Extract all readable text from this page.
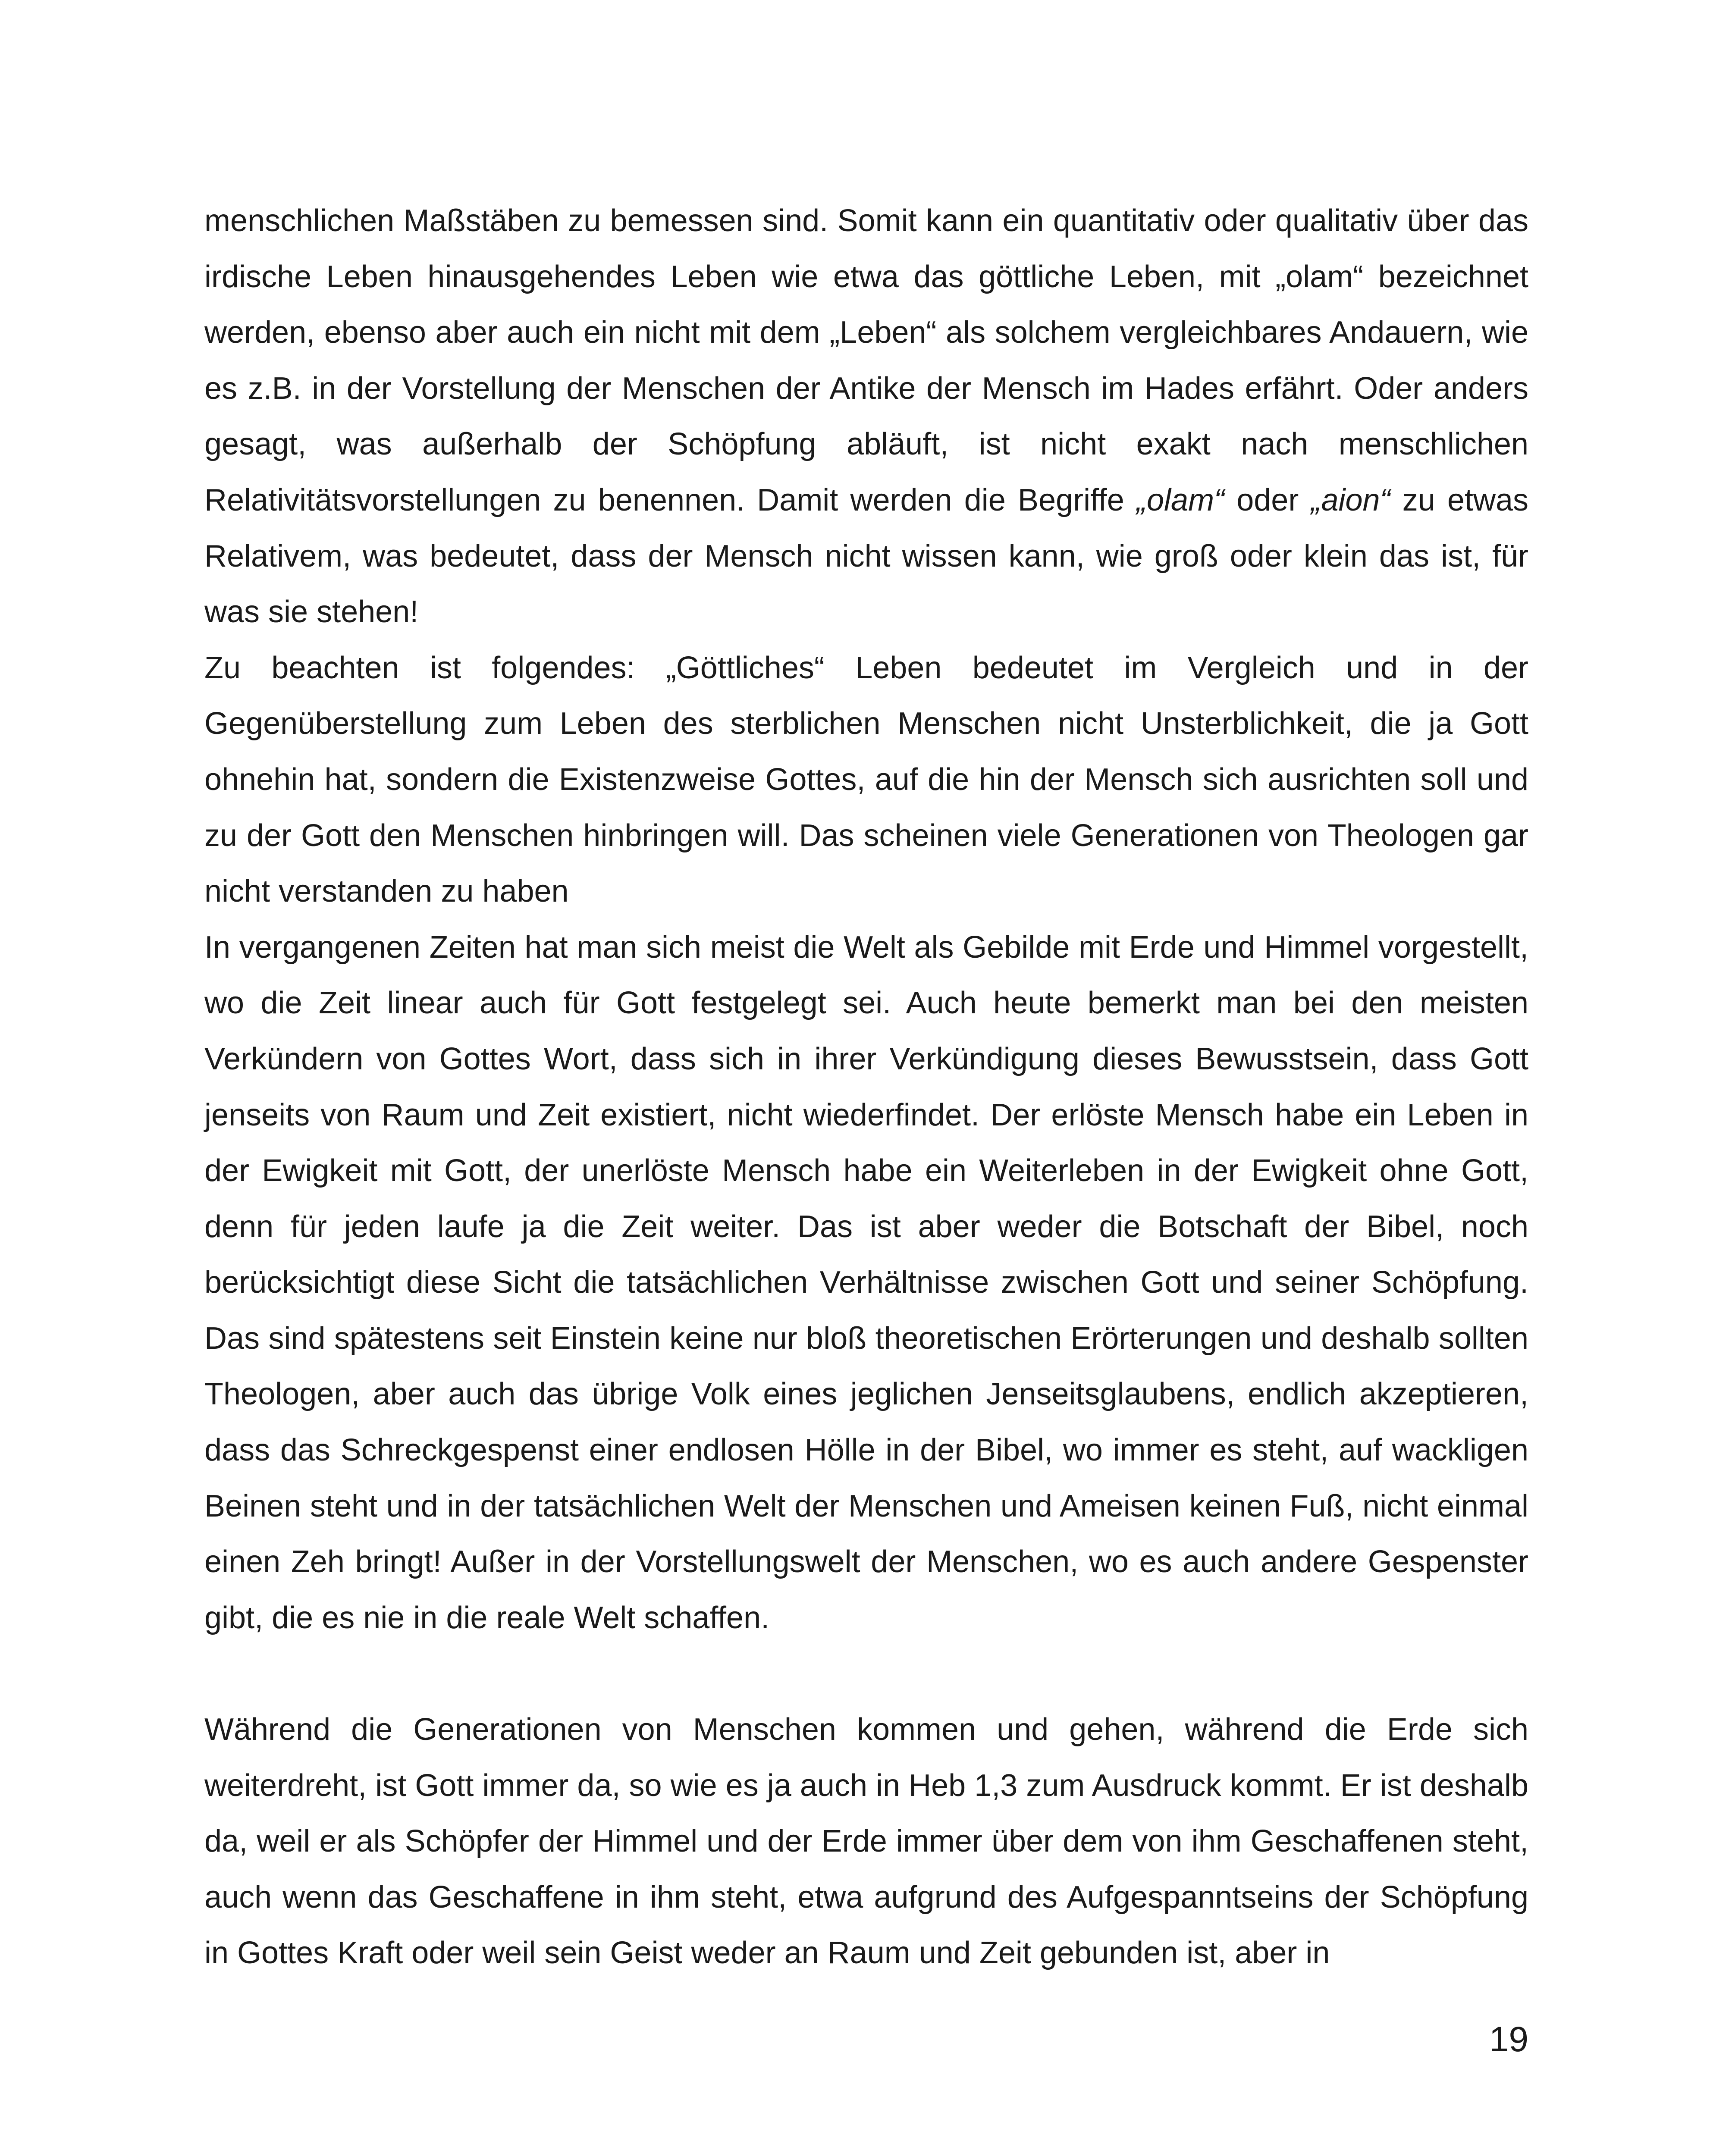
menschlichen Maßstäben zu bemessen sind. Somit kann ein quantitativ oder qualitativ über das irdische Leben hinausgehendes Leben wie etwa das göttliche Leben, mit „olam“ bezeichnet werden, ebenso aber auch ein nicht mit dem „Leben“ als solchem vergleichbares Andauern, wie es z.B. in der Vorstellung der Menschen der Antike der Mensch im Hades erfährt. Oder anders gesagt, was außerhalb der Schöpfung abläuft, ist nicht exakt nach menschlichen Relativitätsvorstellungen zu benennen. Damit werden die Begriffe „olam“ oder „aion“ zu etwas Relativem, was bedeutet, dass der Mensch nicht wissen kann, wie groß oder klein das ist, für was sie stehen!

Zu beachten ist folgendes: „Göttliches“ Leben bedeutet im Vergleich und in der Gegenüberstellung zum Leben des sterblichen Menschen nicht Unsterblichkeit, die ja Gott ohnehin hat, sondern die Existenzweise Gottes, auf die hin der Mensch sich ausrichten soll und zu der Gott den Menschen hinbringen will. Das scheinen viele Generationen von Theologen gar nicht verstanden zu haben

In vergangenen Zeiten hat man sich meist die Welt als Gebilde mit Erde und Himmel vorgestellt, wo die Zeit linear auch für Gott festgelegt sei. Auch heute bemerkt man bei den meisten Verkündern von Gottes Wort, dass sich in ihrer Verkündigung dieses Bewusstsein, dass Gott jenseits von Raum und Zeit existiert, nicht wiederfindet. Der erlöste Mensch habe ein Leben in der Ewigkeit mit Gott, der unerlöste Mensch habe ein Weiterleben in der Ewigkeit ohne Gott, denn für jeden laufe ja die Zeit weiter. Das ist aber weder die Botschaft der Bibel, noch berücksichtigt diese Sicht die tatsächlichen Verhältnisse zwischen Gott und seiner Schöpfung. Das sind spätestens seit Einstein keine nur bloß theoretischen Erörterungen und deshalb sollten Theologen, aber auch das übrige Volk eines jeglichen Jenseitsglaubens, endlich akzeptieren, dass das Schreckgespenst einer endlosen Hölle in der Bibel, wo immer es steht, auf wackligen Beinen steht und in der tatsächlichen Welt der Menschen und Ameisen keinen Fuß, nicht einmal einen Zeh bringt! Außer in der Vorstellungswelt der Menschen, wo es auch andere Gespenster gibt, die es nie in die reale Welt schaffen.

Während die Generationen von Menschen kommen und gehen, während die Erde sich weiterdreht, ist Gott immer da, so wie es ja auch in Heb 1,3 zum Ausdruck kommt. Er ist deshalb da, weil er als Schöpfer der Himmel und der Erde immer über dem von ihm Geschaffenen steht, auch wenn das Geschaffene in ihm steht, etwa aufgrund des Aufgespanntseins der Schöpfung in Gottes Kraft oder weil sein Geist weder an Raum und Zeit gebunden ist, aber in

19
